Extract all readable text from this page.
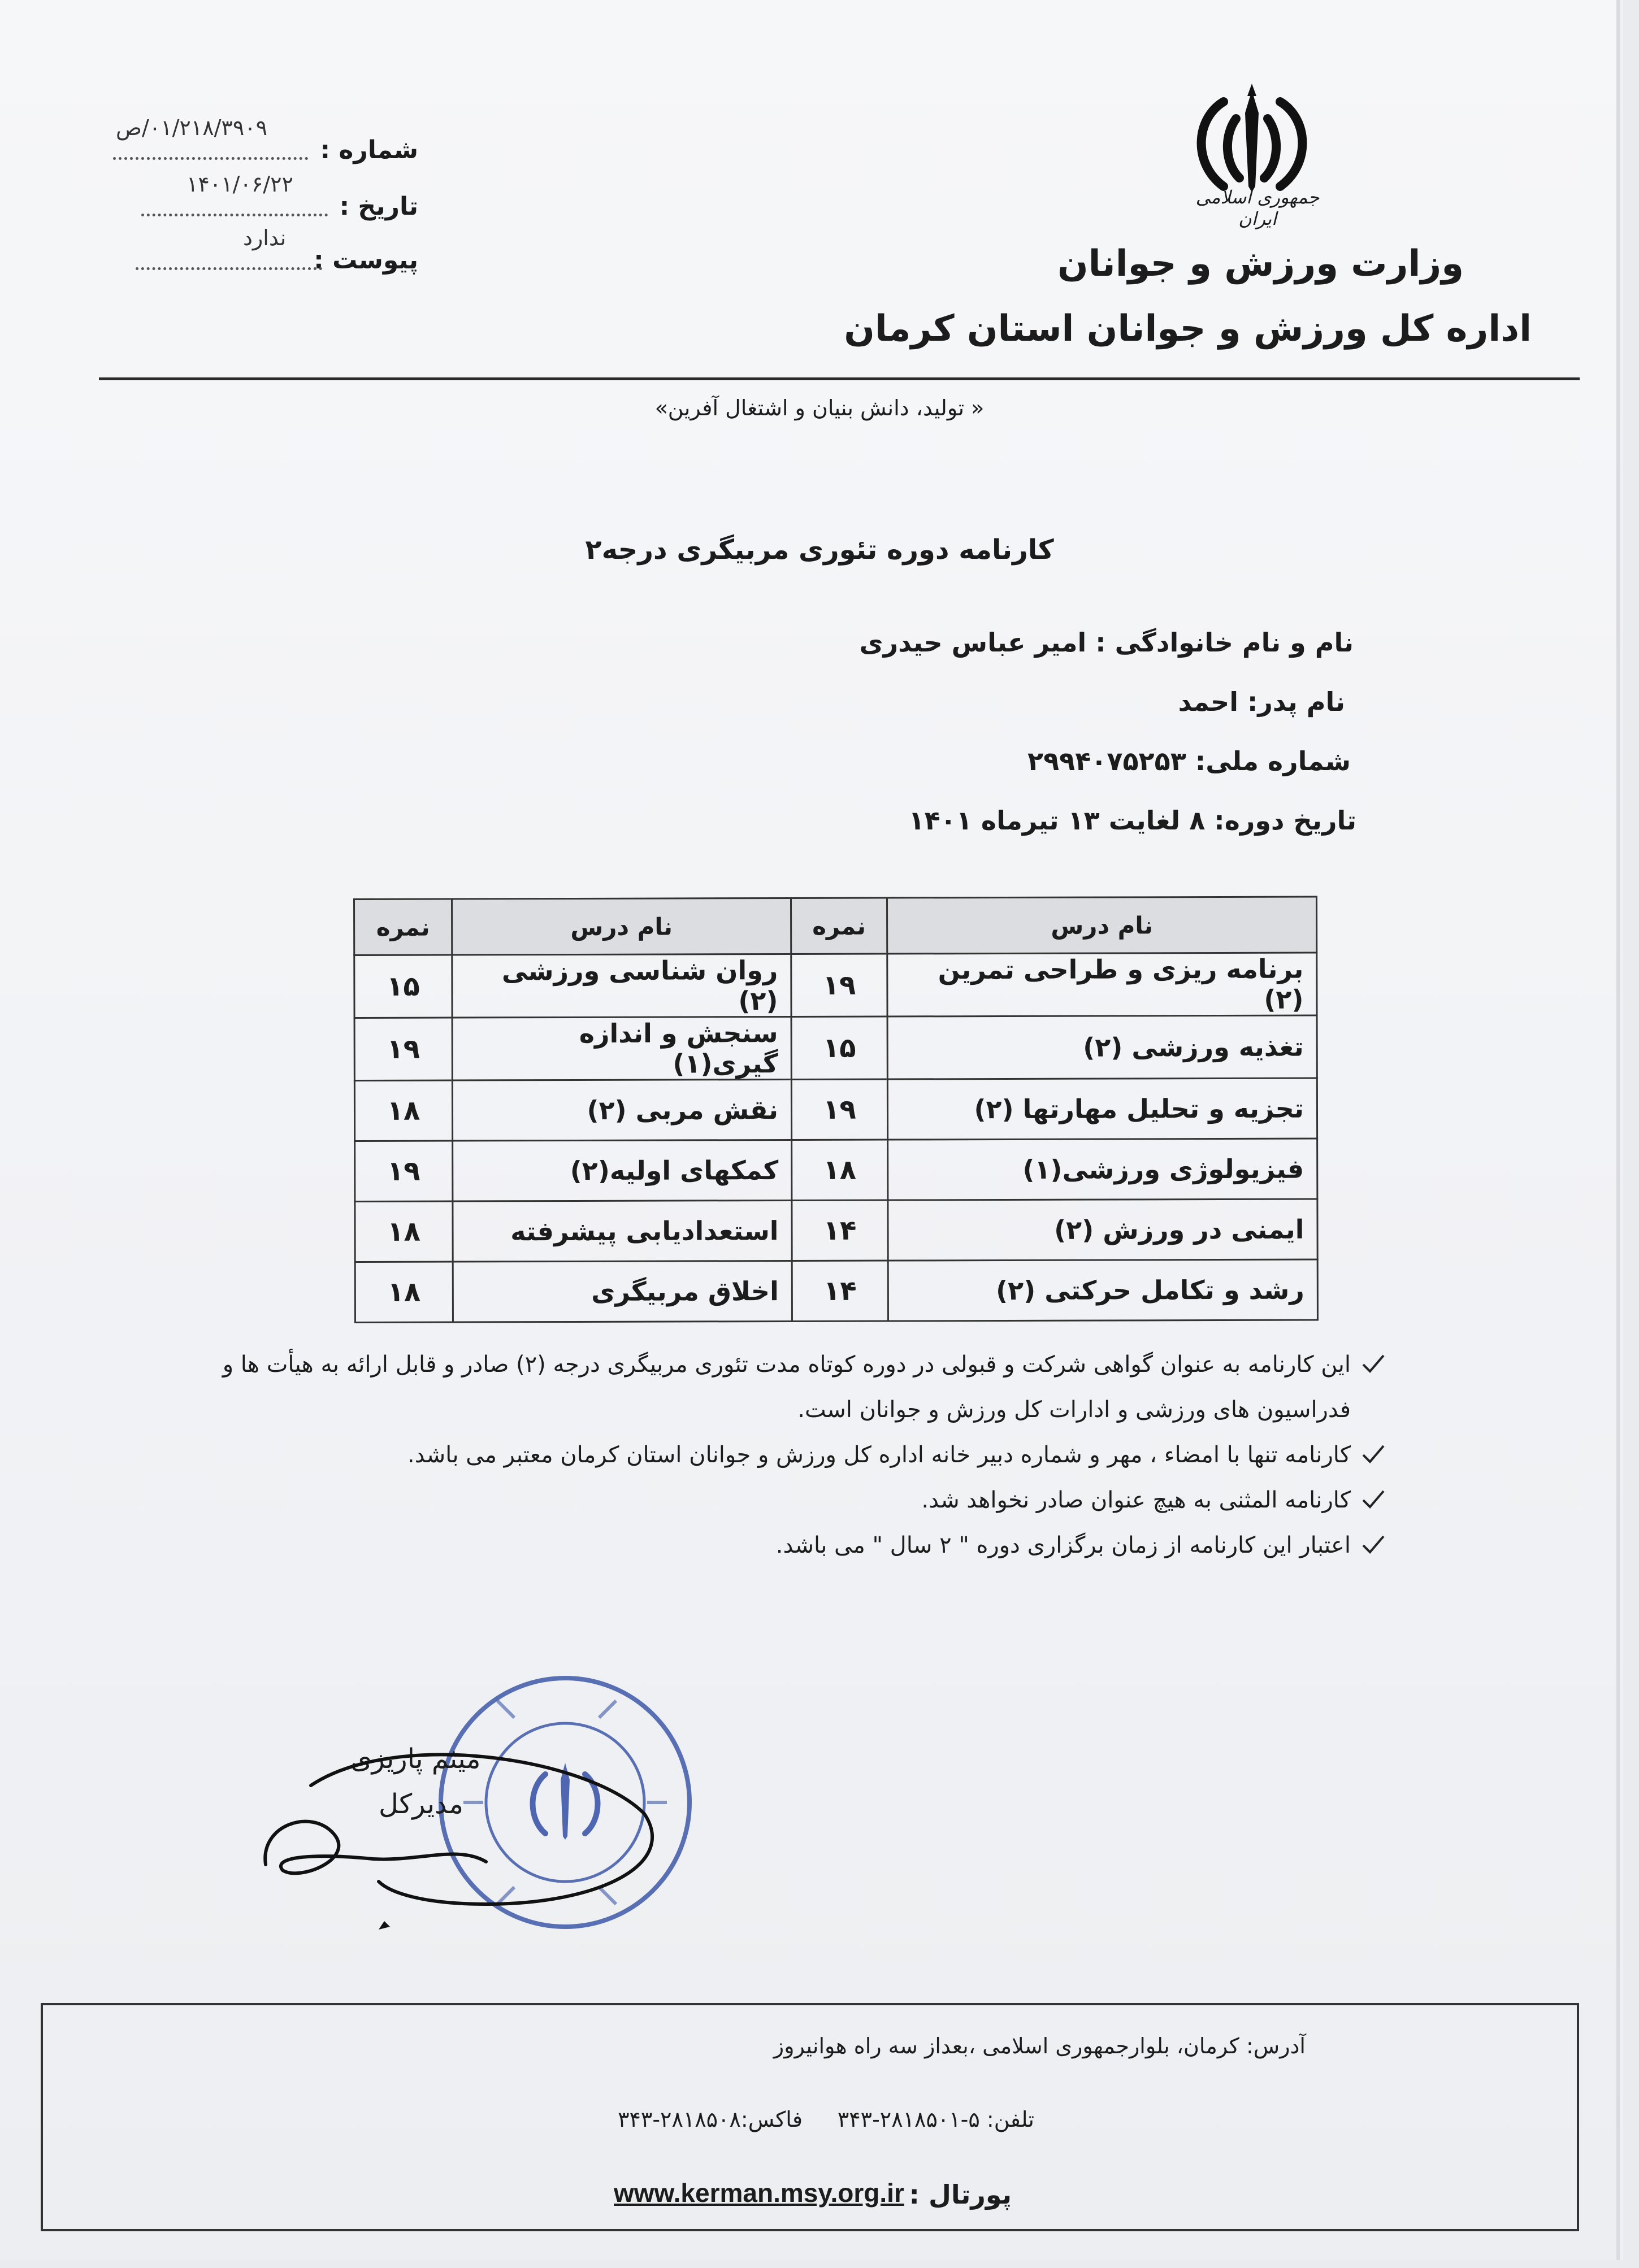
شماره :
۰۱/۲۱۸/۳۹۰۹/ص
تاریخ :
۱۴۰۱/۰۶/۲۲
پیوست :
ندارد
جمهوری اسلامی ایران
وزارت ورزش و جوانان
اداره کل ورزش و جوانان استان کرمان
« تولید، دانش بنیان و اشتغال آفرین»
کارنامه دوره تئوری مربیگری درجه۲
نام و نام خانوادگی : امیر عباس حیدری
نام پدر: احمد
شماره ملی: ۲۹۹۴۰۷۵۲۵۳
تاریخ دوره: ۸ لغایت ۱۳ تیرماه ۱۴۰۱
نام درس	نمره	نام درس	نمره
برنامه ریزی و طراحی تمرین (۲)	۱۹	روان شناسی ورزشی (۲)	۱۵
تغذیه ورزشی (۲)	۱۵	سنجش و اندازه گیری(۱)	۱۹
تجزیه و تحلیل مهارتها (۲)	۱۹	نقش مربی (۲)	۱۸
فیزیولوژی ورزشی(۱)	۱۸	کمکهای اولیه(۲)	۱۹
ایمنی در ورزش (۲)	۱۴	استعدادیابی پیشرفته	۱۸
رشد و تکامل حرکتی (۲)	۱۴	اخلاق مربیگری	۱۸
این کارنامه به عنوان گواهی شرکت و قبولی در دوره کوتاه مدت تئوری مربیگری درجه (۲) صادر و قابل ارائه به هیأت ها و فدراسیون های ورزشی و ادارات کل ورزش و جوانان است.
کارنامه تنها با امضاء ، مهر و شماره دبیر خانه اداره کل ورزش و جوانان استان کرمان معتبر می باشد.
کارنامه المثنی به هیچ عنوان صادر نخواهد شد.
اعتبار این کارنامه از زمان برگزاری دوره " ۲ سال " می باشد.
میثم پاریزی
مدیرکل
آدرس: کرمان، بلوارجمهوری اسلامی ،بعداز سه راه هوانیروز
تلفن: ۵-۲۸۱۸۵۰۱-۳۴۳
فاکس:۲۸۱۸۵۰۸-۳۴۳
پورتال :
www.kerman.msy.org.ir
